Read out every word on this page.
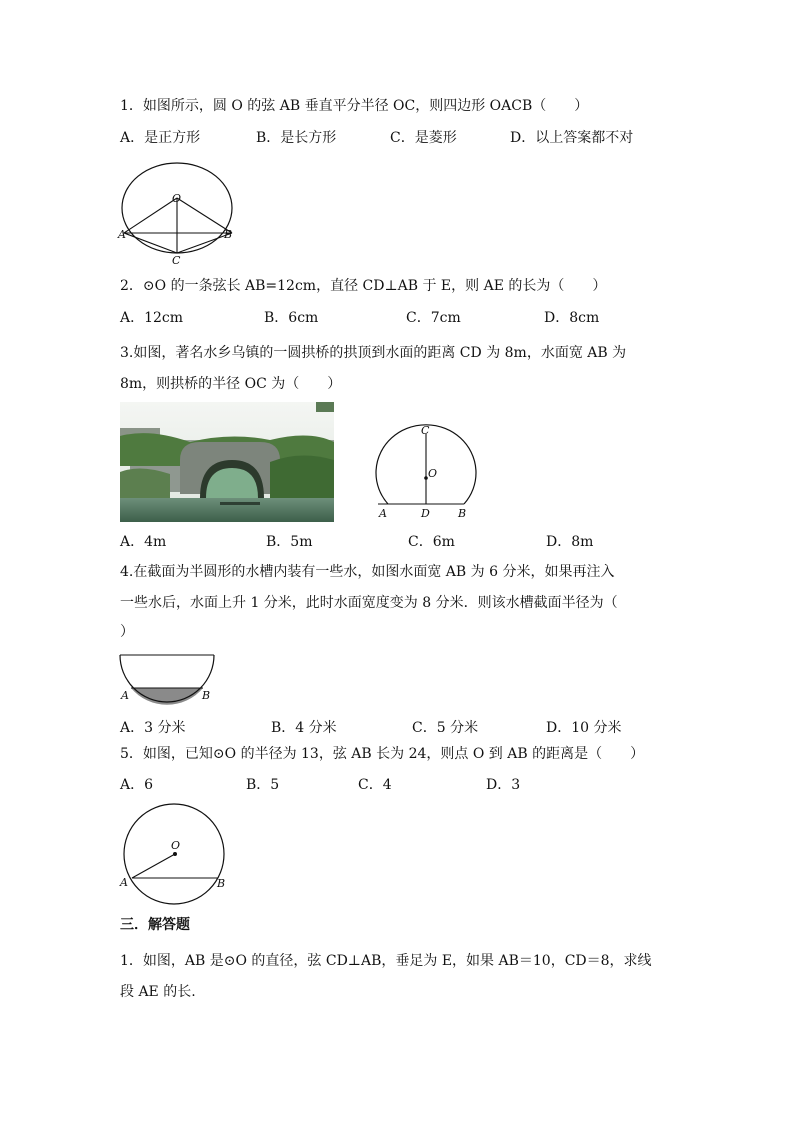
1．如图所示，圆 O 的弦 AB 垂直平分半径 OC，则四边形 OACB（　　）
A．是正方形	B．是长方形	C．是菱形	D．以上答案都不对
O
A	B
C
2．⊙O 的一条弦长 AB=12cm，直径 CD⊥AB 于 E，则 AE 的长为（　　）
A．12cm	B．6cm	C．7cm	D．8cm
3.如图，著名水乡乌镇的一圆拱桥的拱顶到水面的距离 CD 为 8m，水面宽 AB 为
8m，则拱桥的半径 OC 为（　　）
C
O
A	D	B
A．4m	B．5m	C．6m	D．8m
4.在截面为半圆形的水槽内装有一些水，如图水面宽 AB 为 6 分米，如果再注入
一些水后，水面上升 1 分米，此时水面宽度变为 8 分米．则该水槽截面半径为（
）
A	B
A．3 分米	B．4 分米	C．5 分米	D．10 分米
5．如图，已知⊙O 的半径为 13，弦 AB 长为 24，则点 O 到 AB 的距离是（　　）
A．6	B．5	C．4	D．3
O
A	B
三．解答题
1．如图，AB 是⊙O 的直径，弦 CD⊥AB，垂足为 E，如果 AB＝10，CD＝8，求线
段 AE 的长.
